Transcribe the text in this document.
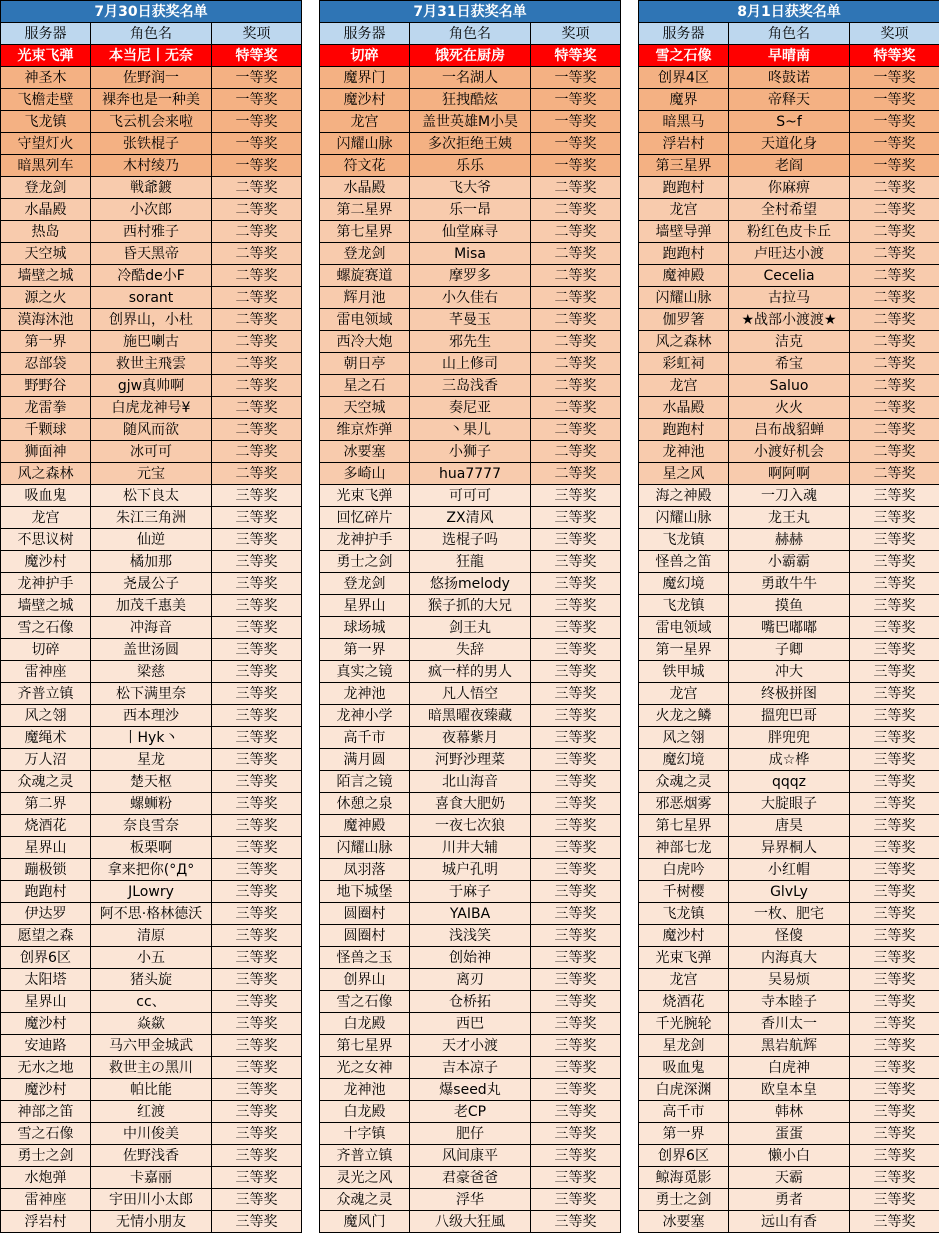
7月30日获奖名单		
服务器	角色名	奖项
光束飞弹	本当尼丨无奈	特等奖
神圣木	佐野润一	一等奖
飞檐走壁	裸奔也是一种美	一等奖
飞龙镇	飞云机会来啦	一等奖
守望灯火	张铁棍子	一等奖
暗黑列车	木村绫乃	一等奖
登龙剑	戦爺鍍	二等奖
水晶殿	小次郎	二等奖
热岛	西村雅子	二等奖
天空城	昏天黑帝	二等奖
墙壁之城	冷酷de小F	二等奖
源之火	sorant	二等奖
漠海沐池	创界山，小杜	二等奖
第一界	施巴喇古	二等奖
忍部袋	救世主飛雲	二等奖
野野谷	gjw真帅啊	二等奖
龙雷拳	白虎龙神号¥	二等奖
千颗球	随风而欲	二等奖
狮面神	冰可可	二等奖
风之森林	元宝	二等奖
吸血鬼	松下良太	三等奖
龙宫	朱江三角洲	三等奖
不思议树	仙逆	三等奖
魔沙村	橘加那	三等奖
龙神护手	尧晟公子	三等奖
墙壁之城	加茂千惠美	三等奖
雪之石像	冲海音	三等奖
切碎	盖世汤圆	三等奖
雷神座	梁慈	三等奖
齐普立镇	松下满里奈	三等奖
风之翎	西本理沙	三等奖
魔绳术	丨Hyk丶	三等奖
万人沼	星龙	三等奖
众魂之灵	楚天枢	三等奖
第二界	螺蛳粉	三等奖
烧酒花	奈良雪奈	三等奖
星界山	板栗啊	三等奖
蹦极锁	拿来把你(°Д°	三等奖
跑跑村	JLowry	三等奖
伊达罗	阿不思·格林德沃	三等奖
愿望之森	清原	三等奖
创界6区	小五	三等奖
太阳塔	猪头旋	三等奖
星界山	cc、	三等奖
魔沙村	焱歘	三等奖
安迪路	马六甲金城武	三等奖
无水之地	救世主の黑川	三等奖
魔沙村	帕比能	三等奖
神部之笛	红渡	三等奖
雪之石像	中川俊美	三等奖
勇士之剑	佐野浅香	三等奖
水炮弹	卡嘉丽	三等奖
雷神座	宇田川小太郎	三等奖
浮岩村	无情小朋友	三等奖
7月31日获奖名单		
服务器	角色名	奖项
切碎	饿死在厨房	特等奖
魔界门	一名湖人	一等奖
魔沙村	狂拽酷炫	一等奖
龙宫	盖世英雄M小昊	一等奖
闪耀山脉	多次拒绝王姨	一等奖
符文花	乐乐	一等奖
水晶殿	飞大爷	二等奖
第二星界	乐一昂	二等奖
第七星界	仙堂麻寻	二等奖
登龙剑	Misa	二等奖
螺旋赛道	摩罗多	二等奖
辉月池	小久佳右	二等奖
雷电领域	芊曼玉	二等奖
西冷大炮	邪先生	二等奖
朝日亭	山上修司	二等奖
星之石	三岛浅香	二等奖
天空城	奏尼亚	二等奖
维京炸弹	丶果儿	二等奖
冰要塞	小狮子	二等奖
多崎山	hua7777	二等奖
光束飞弹	可可可	三等奖
回忆碎片	ZX清风	三等奖
龙神护手	选棍子吗	三等奖
勇士之剑	狂龍	三等奖
登龙剑	悠扬melody	三等奖
星界山	猴子抓的大兄	三等奖
球场城	剑王丸	三等奖
第一界	失辞	三等奖
真实之镜	疯一样的男人	三等奖
龙神池	凡人悟空	三等奖
龙神小学	暗黑曜夜臻藏	三等奖
高千市	夜幕紫月	三等奖
满月圆	河野沙理菜	三等奖
陌言之镜	北山海音	三等奖
休憩之泉	喜食大肥奶	三等奖
魔神殿	一夜七次狼	三等奖
闪耀山脉	川井大辅	三等奖
凤羽落	城户孔明	三等奖
地下城堡	于麻子	三等奖
圆圈村	YAIBA	三等奖
圆圈村	浅浅笑	三等奖
怪兽之玉	创始神	三等奖
创界山	离刃	三等奖
雪之石像	仓桥拓	三等奖
白龙殿	西巴	三等奖
第七星界	天才小渡	三等奖
光之女神	吉本凉子	三等奖
龙神池	爆seed丸	三等奖
白龙殿	老CP	三等奖
十字镇	肥仔	三等奖
齐普立镇	风间康平	三等奖
灵光之风	君豪爸爸	三等奖
众魂之灵	浮华	三等奖
魔风门	八级大狂風	三等奖
8月1日获奖名单		
服务器	角色名	奖项
雪之石像	早晴南	特等奖
创界4区	咚鼓诺	一等奖
魔界	帝释天	一等奖
暗黑马	S~f	一等奖
浮岩村	天道化身	一等奖
第三星界	老阎	一等奖
跑跑村	你麻痹	二等奖
龙宫	全村希望	二等奖
墙壁导弹	粉红色皮卡丘	二等奖
跑跑村	卢旺达小渡	二等奖
魔神殿	Cecelia	二等奖
闪耀山脉	古拉马	二等奖
伽罗箸	★战部小渡渡★	二等奖
风之森林	洁克	二等奖
彩虹祠	希宝	二等奖
龙宫	Saluo	二等奖
水晶殿	火火	二等奖
跑跑村	吕布战貂蝉	二等奖
龙神池	小渡好机会	二等奖
星之风	啊阿啊	二等奖
海之神殿	一刀入魂	三等奖
闪耀山脉	龙王丸	三等奖
飞龙镇	赫赫	三等奖
怪兽之笛	小霸霸	三等奖
魔幻境	勇敢牛牛	三等奖
飞龙镇	摸鱼	三等奖
雷电领域	嘴巴嘟嘟	三等奖
第一星界	子卿	三等奖
铁甲城	冲大	三等奖
龙宫	终极拼图	三等奖
火龙之鳞	搵兜巴哥	三等奖
风之翎	胖兜兜	三等奖
魔幻境	成☆桦	三等奖
众魂之灵	qqqz	三等奖
邪恶烟雾	大腚眼子	三等奖
第七星界	唐昊	三等奖
神部七龙	异界桐人	三等奖
白虎吟	小红帽	三等奖
千树樱	GlvLy	三等奖
飞龙镇	一枚、肥宅	三等奖
魔沙村	怪傻	三等奖
光束飞弹	内海真大	三等奖
龙宫	吴易烦	三等奖
烧酒花	寺本睦子	三等奖
千光腕轮	香川太一	三等奖
星龙剑	黑岩航辉	三等奖
吸血鬼	白虎神	三等奖
白虎深渊	欧皇本皇	三等奖
高千市	韩林	三等奖
第一界	蛋蛋	三等奖
创界6区	懒小白	三等奖
鲸海觅影	天霸	三等奖
勇士之剑	勇者	三等奖
冰要塞	远山有香	三等奖
